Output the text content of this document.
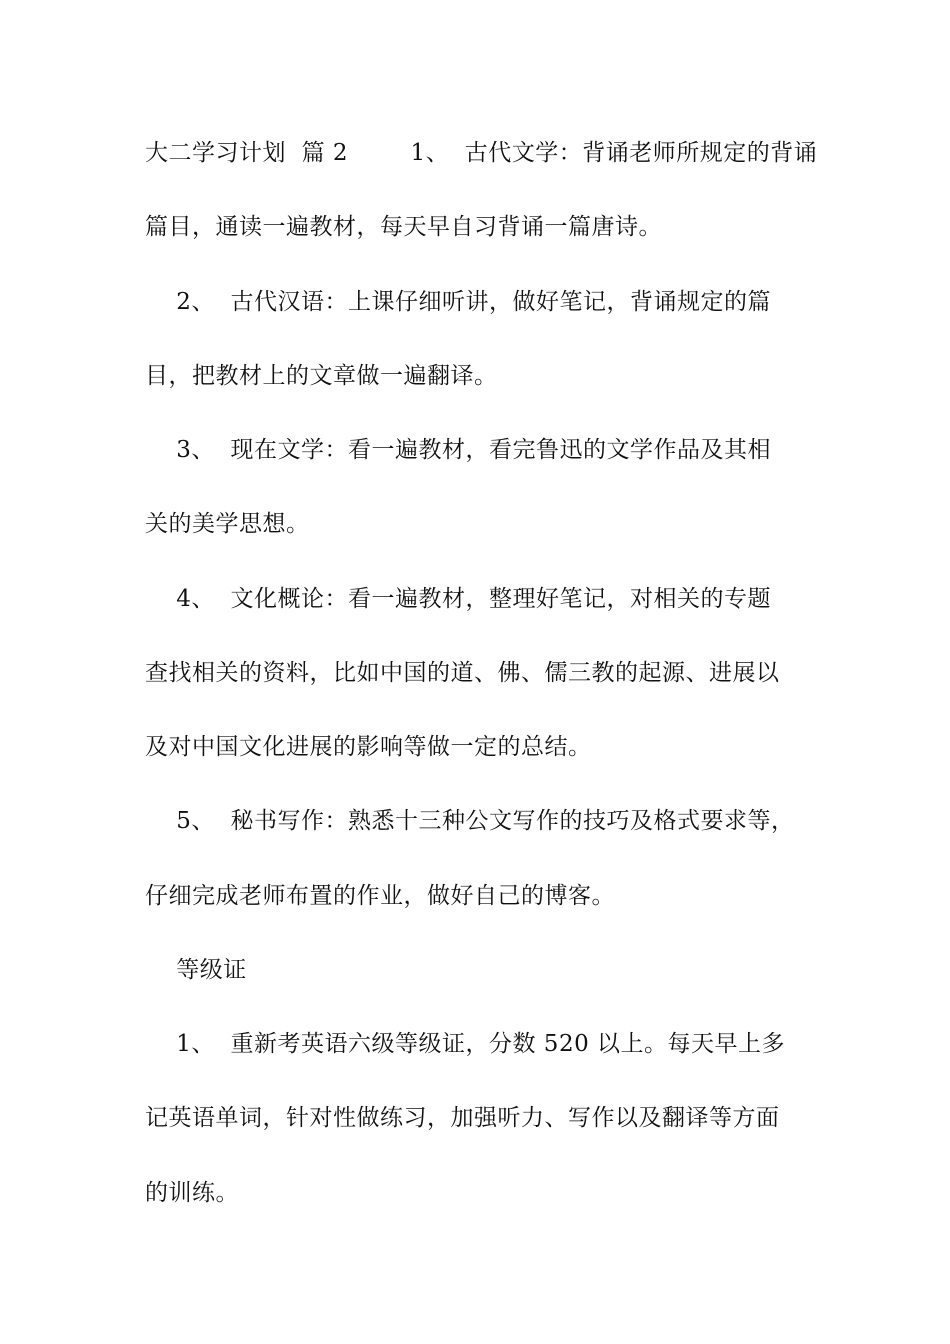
大二学习计划  篇 2        1、  古代文学：背诵老师所规定的背诵
篇目，通读一遍教材，每天早自习背诵一篇唐诗。
2、  古代汉语：上课仔细听讲，做好笔记，背诵规定的篇
目，把教材上的文章做一遍翻译。
3、  现在文学：看一遍教材，看完鲁迅的文学作品及其相
关的美学思想。
4、  文化概论：看一遍教材，整理好笔记，对相关的专题
查找相关的资料，比如中国的道、佛、儒三教的起源、进展以
及对中国文化进展的影响等做一定的总结。
5、  秘书写作：熟悉十三种公文写作的技巧及格式要求等，
仔细完成老师布置的作业，做好自己的博客。
等级证
1、  重新考英语六级等级证，分数 520 以上。每天早上多
记英语单词，针对性做练习，加强听力、写作以及翻译等方面
的训练。
